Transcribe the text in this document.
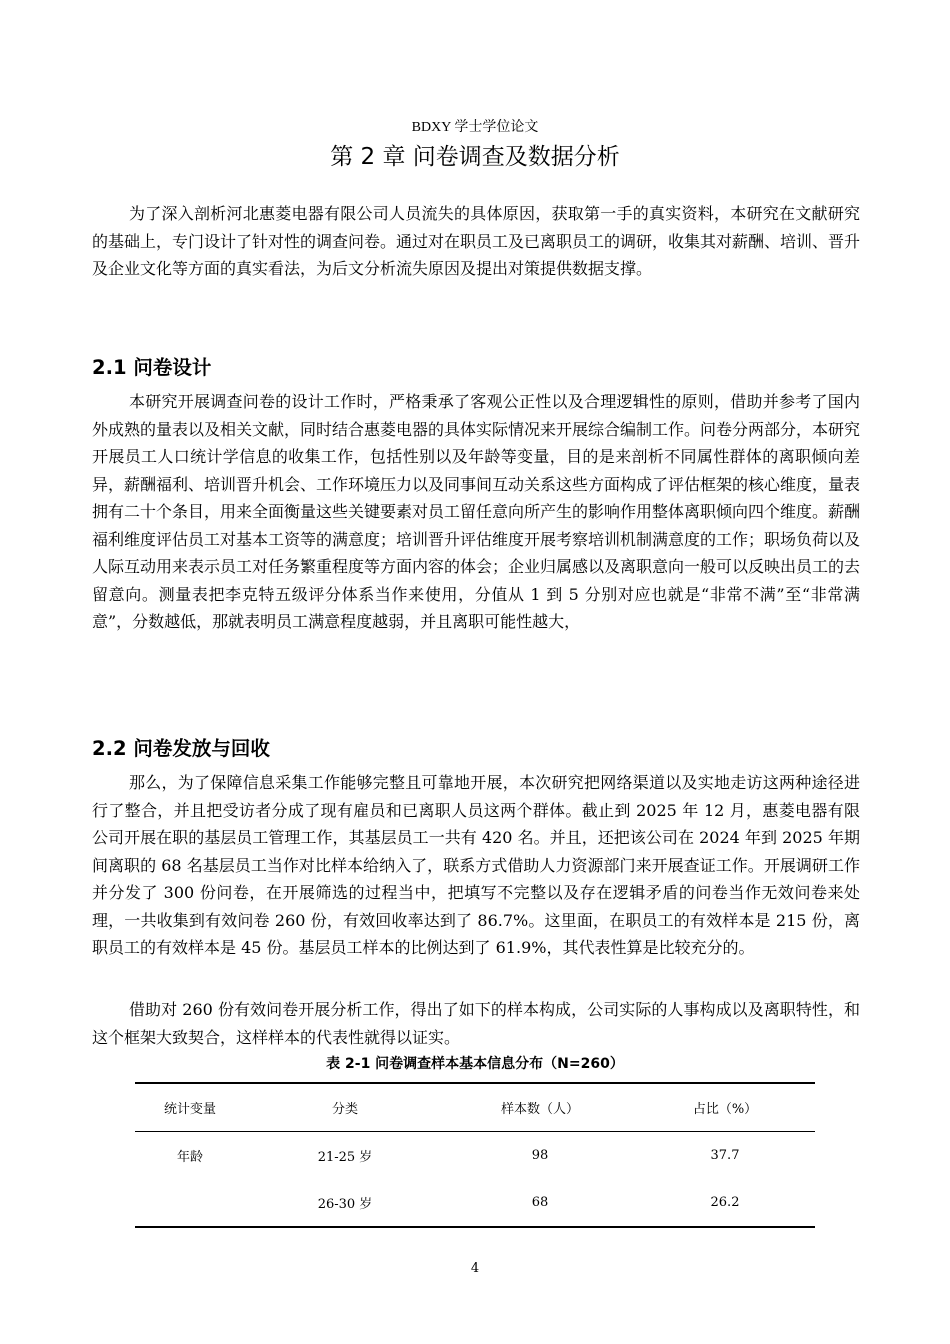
BDXY 学士学位论文
第 2 章 问卷调查及数据分析

为了深入剖析河北惠菱电器有限公司人员流失的具体原因，获取第一手的真实资料，本研究在文献研究的基础上，专门设计了针对性的调查问卷。通过对在职员工及已离职员工的调研，收集其对薪酬、培训、晋升及企业文化等方面的真实看法，为后文分析流失原因及提出对策提供数据支撑。

2.1 问卷设计

本研究开展调查问卷的设计工作时，严格秉承了客观公正性以及合理逻辑性的原则，借助并参考了国内外成熟的量表以及相关文献，同时结合惠菱电器的具体实际情况来开展综合编制工作。问卷分两部分，本研究开展员工人口统计学信息的收集工作，包括性别以及年龄等变量，目的是来剖析不同属性群体的离职倾向差异，薪酬福利、培训晋升机会、工作环境压力以及同事间互动关系这些方面构成了评估框架的核心维度，量表拥有二十个条目，用来全面衡量这些关键要素对员工留任意向所产生的影响作用整体离职倾向四个维度。薪酬福利维度评估员工对基本工资等的满意度；培训晋升评估维度开展考察培训机制满意度的工作；职场负荷以及人际互动用来表示员工对任务繁重程度等方面内容的体会；企业归属感以及离职意向一般可以反映出员工的去留意向。测量表把李克特五级评分体系当作来使用，分值从 1 到 5 分别对应也就是“非常不满”至“非常满意”，分数越低，那就表明员工满意程度越弱，并且离职可能性越大，

2.2 问卷发放与回收

那么，为了保障信息采集工作能够完整且可靠地开展，本次研究把网络渠道以及实地走访这两种途径进行了整合，并且把受访者分成了现有雇员和已离职人员这两个群体。截止到 2025 年 12 月，惠菱电器有限公司开展在职的基层员工管理工作，其基层员工一共有 420 名。并且，还把该公司在 2024 年到 2025 年期间离职的 68 名基层员工当作对比样本给纳入了，联系方式借助人力资源部门来开展查证工作。开展调研工作并分发了 300 份问卷，在开展筛选的过程当中，把填写不完整以及存在逻辑矛盾的问卷当作无效问卷来处理，一共收集到有效问卷 260 份，有效回收率达到了 86.7%。这里面，在职员工的有效样本是 215 份，离职员工的有效样本是 45 份。基层员工样本的比例达到了 61.9%，其代表性算是比较充分的。

借助对 260 份有效问卷开展分析工作，得出了如下的样本构成，公司实际的人事构成以及离职特性，和这个框架大致契合，这样样本的代表性就得以证实。

表 2-1 问卷调查样本基本信息分布（N=260）
统计变量	分类	样本数（人）	占比（%）
年龄	21-25 岁	98	37.7
	26-30 岁	68	26.2
4
